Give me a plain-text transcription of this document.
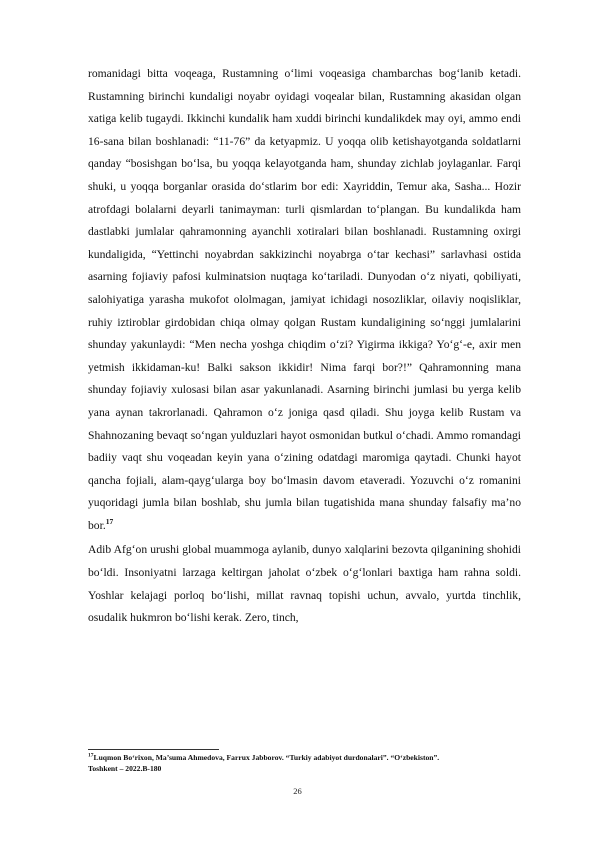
romanidagi bitta voqeaga, Rustamning o‘limi voqeasiga chambarchas bog‘lanib ketadi. Rustamning birinchi kundaligi noyabr oyidagi voqealar bilan, Rustamning akasidan olgan xatiga kelib tugaydi. Ikkinchi kundalik ham xuddi birinchi kundalikdek may oyi, ammo endi 16-sana bilan boshlanadi: “11-76” da ketyapmiz. U yoqqa olib ketishayotganda soldatlarni qanday “bosishgan bo‘lsa, bu yoqqa kelayotganda ham, shunday zichlab joylaganlar. Farqi shuki, u yoqqa borganlar orasida do‘stlarim bor edi: Xayriddin, Temur aka, Sasha... Hozir atrofdagi bolalarni deyarli tanimayman: turli qismlardan to‘plangan. Bu kundalikda ham dastlabki jumlalar qahramonning ayanchli xotiralari bilan boshlanadi. Rustamning oxirgi kundaligida, “Yettinchi noyabrdan sakkizinchi noyabrga o‘tar kechasi” sarlavhasi ostida asarning fojiaviy pafosi kulminatsion nuqtaga ko‘tariladi. Dunyodan o‘z niyati, qobiliyati, salohiyatiga yarasha mukofot ololmagan, jamiyat ichidagi nosozliklar, oilaviy noqisliklar, ruhiy iztiroblar girdobidan chiqa olmay qolgan Rustam kundaligining so‘nggi jumlalarini shunday yakunlaydi: “Men necha yoshga chiqdim o‘zi? Yigirma ikkiga? Yo‘g‘-e, axir men yetmish ikkidaman-ku! Balki sakson ikkidir! Nima farqi bor?!” Qahramonning mana shunday fojiaviy xulosasi bilan asar yakunlanadi. Asarning birinchi jumlasi bu yerga kelib yana aynan takrorlanadi. Qahramon o‘z joniga qasd qiladi. Shu joyga kelib Rustam va Shahnozaning bevaqt so‘ngan yulduzlari hayot osmonidan butkul o‘chadi. Ammo romandagi badiiy vaqt shu voqeadan keyin yana o‘zining odatdagi maromiga qaytadi. Chunki hayot qancha fojiali, alam-qayg‘ularga boy bo‘lmasin davom etaveradi. Yozuvchi o‘z romanini yuqoridagi jumla bilan boshlab, shu jumla bilan tugatishida mana shunday falsafiy ma’no bor.$^{17}$

Adib Afg‘on urushi global muammoga aylanib, dunyo xalqlarini bezovta qilganining shohidi bo‘ldi. Insoniyatni larzaga keltirgan jaholat o‘zbek o‘g‘lonlari baxtiga ham rahna soldi. Yoshlar kelajagi porloq bo‘lishi, millat ravnaq topishi uchun, avvalo, yurtda tinchlik, osudalik hukmron bo‘lishi kerak. Zero, tinch,

$^{17}$Luqmon Bo‘rixon, Ma’suma Ahmedova, Farrux Jabborov. “Turkiy adabiyot durdonalari”. “O‘zbekiston”.
Toshkent – 2022.B-180
26
